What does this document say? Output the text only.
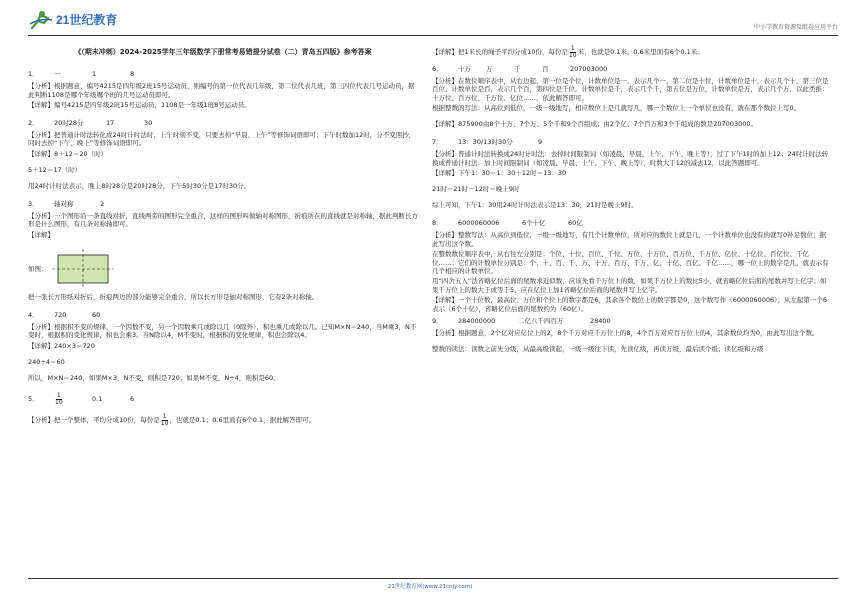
21世纪教育
中小学教育资源及组卷应用平台
《（期末冲刺）2024-2025学年三年级数学下册常考易错提分试卷（二）青岛五四版》参考答案
1．	一	1	8
【分析】根据题意，编号4215是四年级2班15号运动员，则编号的第一位代表几年级，第二位代表几班，第三四位代表几号运动员，据此判断1108是哪个年级哪个班的几号运动员即可。
【详解】编号4215是四年级2班15号运动员，1108是一年级1班8号运动员。
2．	20时28分	17	30
【分析】把普通计时法转化成24时计时法时，上午时刻不变，只要去掉“早晨、上午”等修饰词语即可；下午时数加12时，分不变照抄，同时去掉“下午、晚上”等修饰词语即可。
【详解】8＋12＝20（时）
5＋12＝17（时）
用24时计时法表示，晚上8时28分是20时28分，下午5时30分是17时30分。
3．	轴对称	2
【分析】一个图形沿一条直线对折，直线两旁的图形完全重合，这样的图形叫做轴对称图形，折痕所在的直线就是对称轴，据此判断长方形是什么图形，有几条对称轴即可。
【详解】
如图：
把一张长方形纸对折后，折痕两边的部分能够完全重合，所以长方形是轴对称图形，它有2条对称轴。
4．	720	60
【分析】根据积不变的规律，一个因数不变，另一个因数乘几或除以几（0除外），积也乘几或除以几。已知M×N＝240，当M乘3，N不变时，根据积的变化规律，积也会乘3。当N除以4，M不变时，根据积的变化规律，积也会除以4。
【详解】240×3＝720
240÷4＝60
所以，M×N＝240，如果M×3，N不变，则积是720；如果M不变，N÷4，则积是60。
5．	$\frac{1}{10}$	0.1	6
【分析】把一个整体，平均分成10份，每份是 $\frac{1}{10}$ ，也就是0.1；0.6里面有6个0.1，据此解答即可。
【详解】把1米长的绳子平均分成10份，每份是 $\frac{1}{10}$ 米，也就是0.1米，0.6米里面有6个0.1米。
6．	十万	万	千	百	207003000
【分析】在数位顺序表中，从右边起，第一位是个位，计数单位是一，表示几个一，第二位是十位，计数单位是十，表示几个十，第三位是百位，计数单位是百，表示几个百，第四位是千位，计数单位是千，表示几个千，第五位是万位，计数单位是万，表示几个万，以此类推：十万位、百万位、千万位、亿位……，依此解答即可。
根据整数的写法：从高位到低位，一级一级地写，相应数位上是几就写几，哪一个数位上一个单位也没有，就在那个数位上写0。
【详解】875900由8个十万、7个万、5个千和9个百组成；由2个亿、7个百万和3个千组成的数是207003000。
7．	13：30/13时30分	9
【分析】普通计时法转换成24时计时法：去掉时间限制词（如凌晨、早晨、上午、下午、晚上等），过了下午1时的加上12；24时计时法转换成普通计时法：加上时间限制词（如凌晨、早晨、上午、下午、晚上等），时数大于12的减去12，以此答题即可。
【详解】下午1：30＝1：30＋12时＝13：30
21时＝21时－12时＝晚上9时
综上可知，下午1：30用24时计时法表示是13：30，21时是晚上9时。
8．	6000060006	6个十亿	60亿
【分析】整数写法：从高位到低位，一级一级地写，有几个计数单位，所对应的数位上就是几，一个计数单位也没有的就写0补足数位；据此写出这个数。
在整数数位顺序表中，从右往左分别是：个位、十位、百位、千位、万位、十万位、百万位、千万位、亿位、十亿位、百亿位、千亿位……；它们的计数单位分别是：个、十、百、千、万、十万、百万、千万、亿、十亿、百亿、千亿……，哪一位上的数字是几，就表示有几个相应的计数单位。
用“四舍五入”法省略亿位后面的尾数求近似数，应该先看千万位上的数，如果千万位上的数比5小，就省略亿位后面的尾数并写上亿字；如果千万位上的数大于或等于5，应在亿位上加1省略亿位后面的尾数并写上亿字。
【详解】一个十位数，最高位、万位和个位上的数字都是6，其余各个数位上的数字都是0，这个数写作（6000060006）；从左起第一个6表示（6个十亿），省略亿位后面的尾数约为（60亿）。
9．	284000000	二亿八千四百万	28400
【分析】根据题意，2个亿对应亿位上的2，8个千万对应千万位上的8，4个百万对应百万位上的4，其余数位均为0，由此写出这个数。
整数的读法：读数之前先分级，从最高级读起，一级一级往下读，先读亿级，再读万级，最后读个级；读亿级和万级
21世纪教育网(www.21cnjy.com)
